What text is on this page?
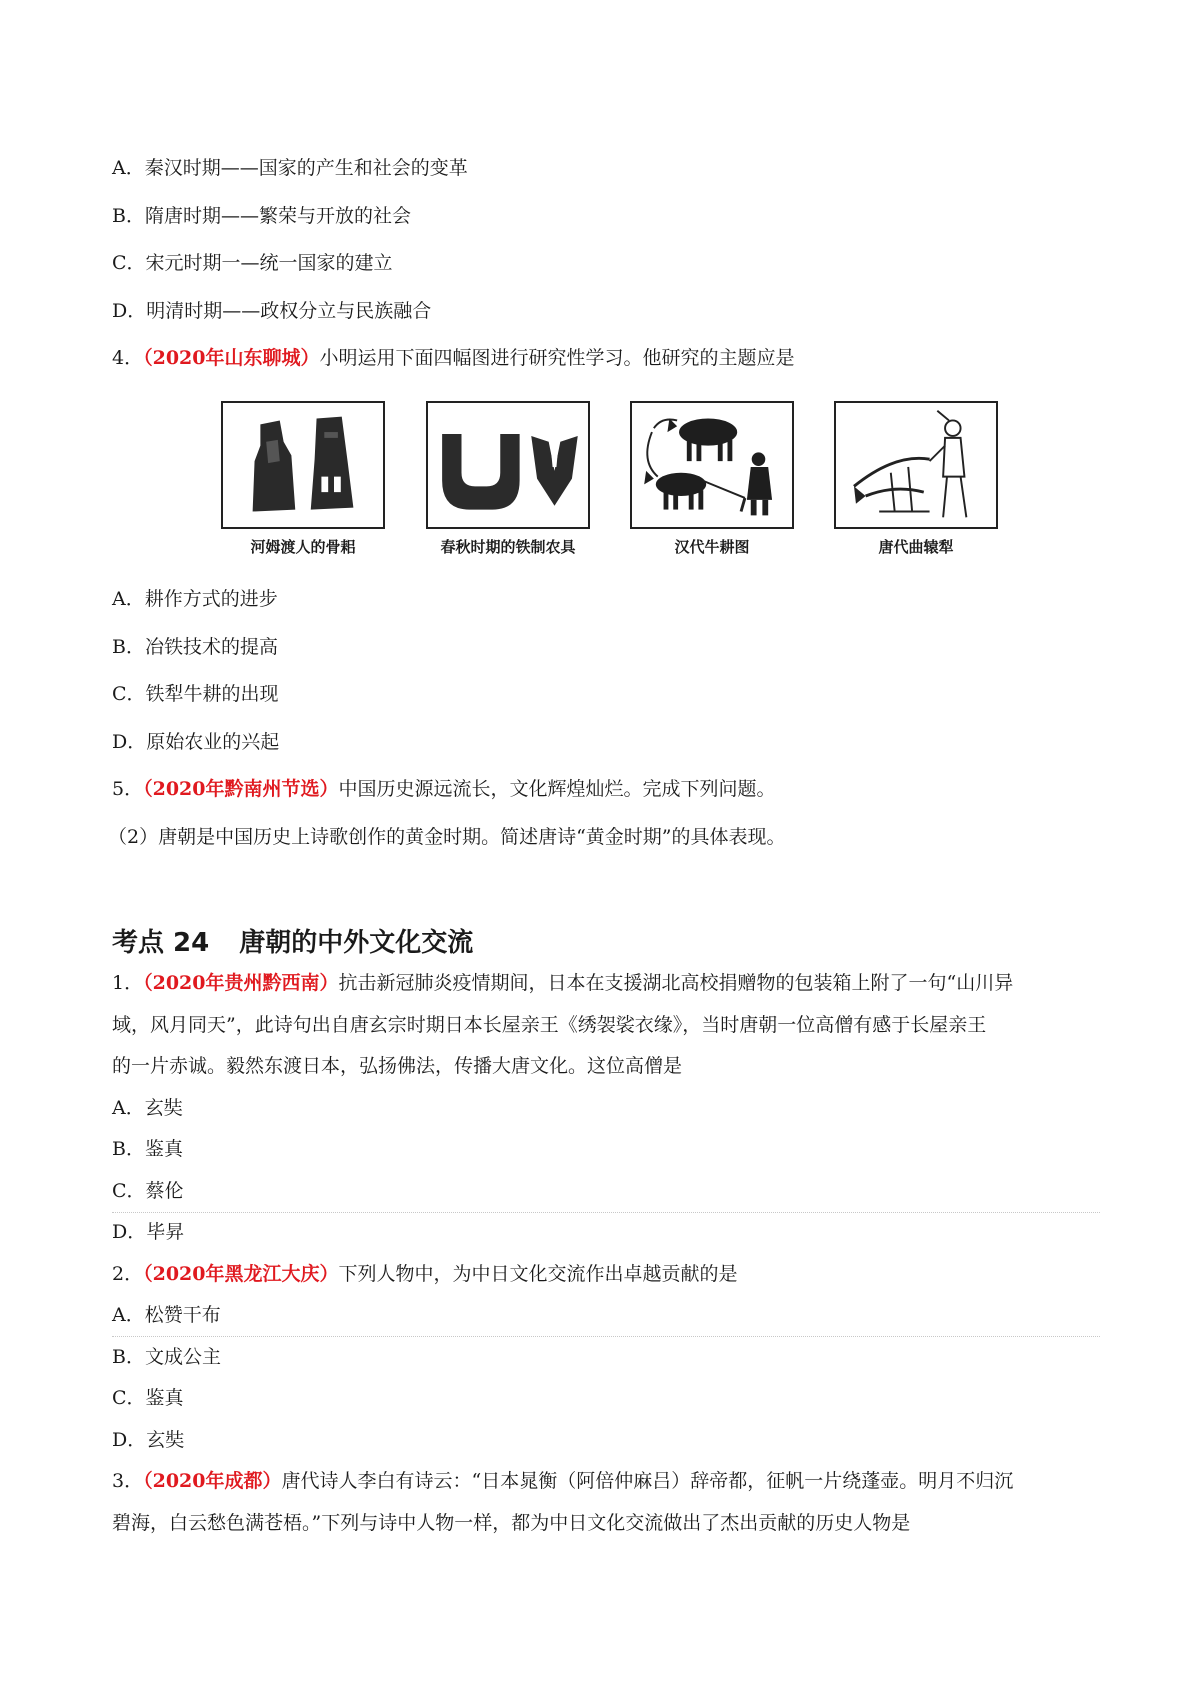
A．秦汉时期——国家的产生和社会的变革
B．隋唐时期——繁荣与开放的社会
C．宋元时期一—统一国家的建立
D．明清时期——政权分立与民族融合
4．（2020年山东聊城）小明运用下面四幅图进行研究性学习。他研究的主题应是
河姆渡人的骨耜	春秋时期的铁制农具	汉代牛耕图	唐代曲辕犁
A．耕作方式的进步
B．冶铁技术的提高
C．铁犁牛耕的出现
D．原始农业的兴起
5．（2020年黔南州节选）中国历史源远流长，文化辉煌灿烂。完成下列问题。
（2）唐朝是中国历史上诗歌创作的黄金时期。简述唐诗“黄金时期”的具体表现。
考点 24 唐朝的中外文化交流
1．（2020年贵州黔西南）抗击新冠肺炎疫情期间，日本在支援湖北高校捐赠物的包装箱上附了一句“山川异
域，风月同天”，此诗句出自唐玄宗时期日本长屋亲王《绣袈裟衣缘》，当时唐朝一位高僧有感于长屋亲王
的一片赤诚。毅然东渡日本，弘扬佛法，传播大唐文化。这位高僧是
A．玄奘
B．鉴真
C．蔡伦
D．毕昇
2．（2020年黑龙江大庆）下列人物中，为中日文化交流作出卓越贡献的是
A．松赞干布
B．文成公主
C．鉴真
D．玄奘
3．（2020年成都）唐代诗人李白有诗云：“日本晁衡（阿倍仲麻吕）辞帝都，征帆一片绕蓬壶。明月不归沉
碧海，白云愁色满苍梧。”下列与诗中人物一样，都为中日文化交流做出了杰出贡献的历史人物是
